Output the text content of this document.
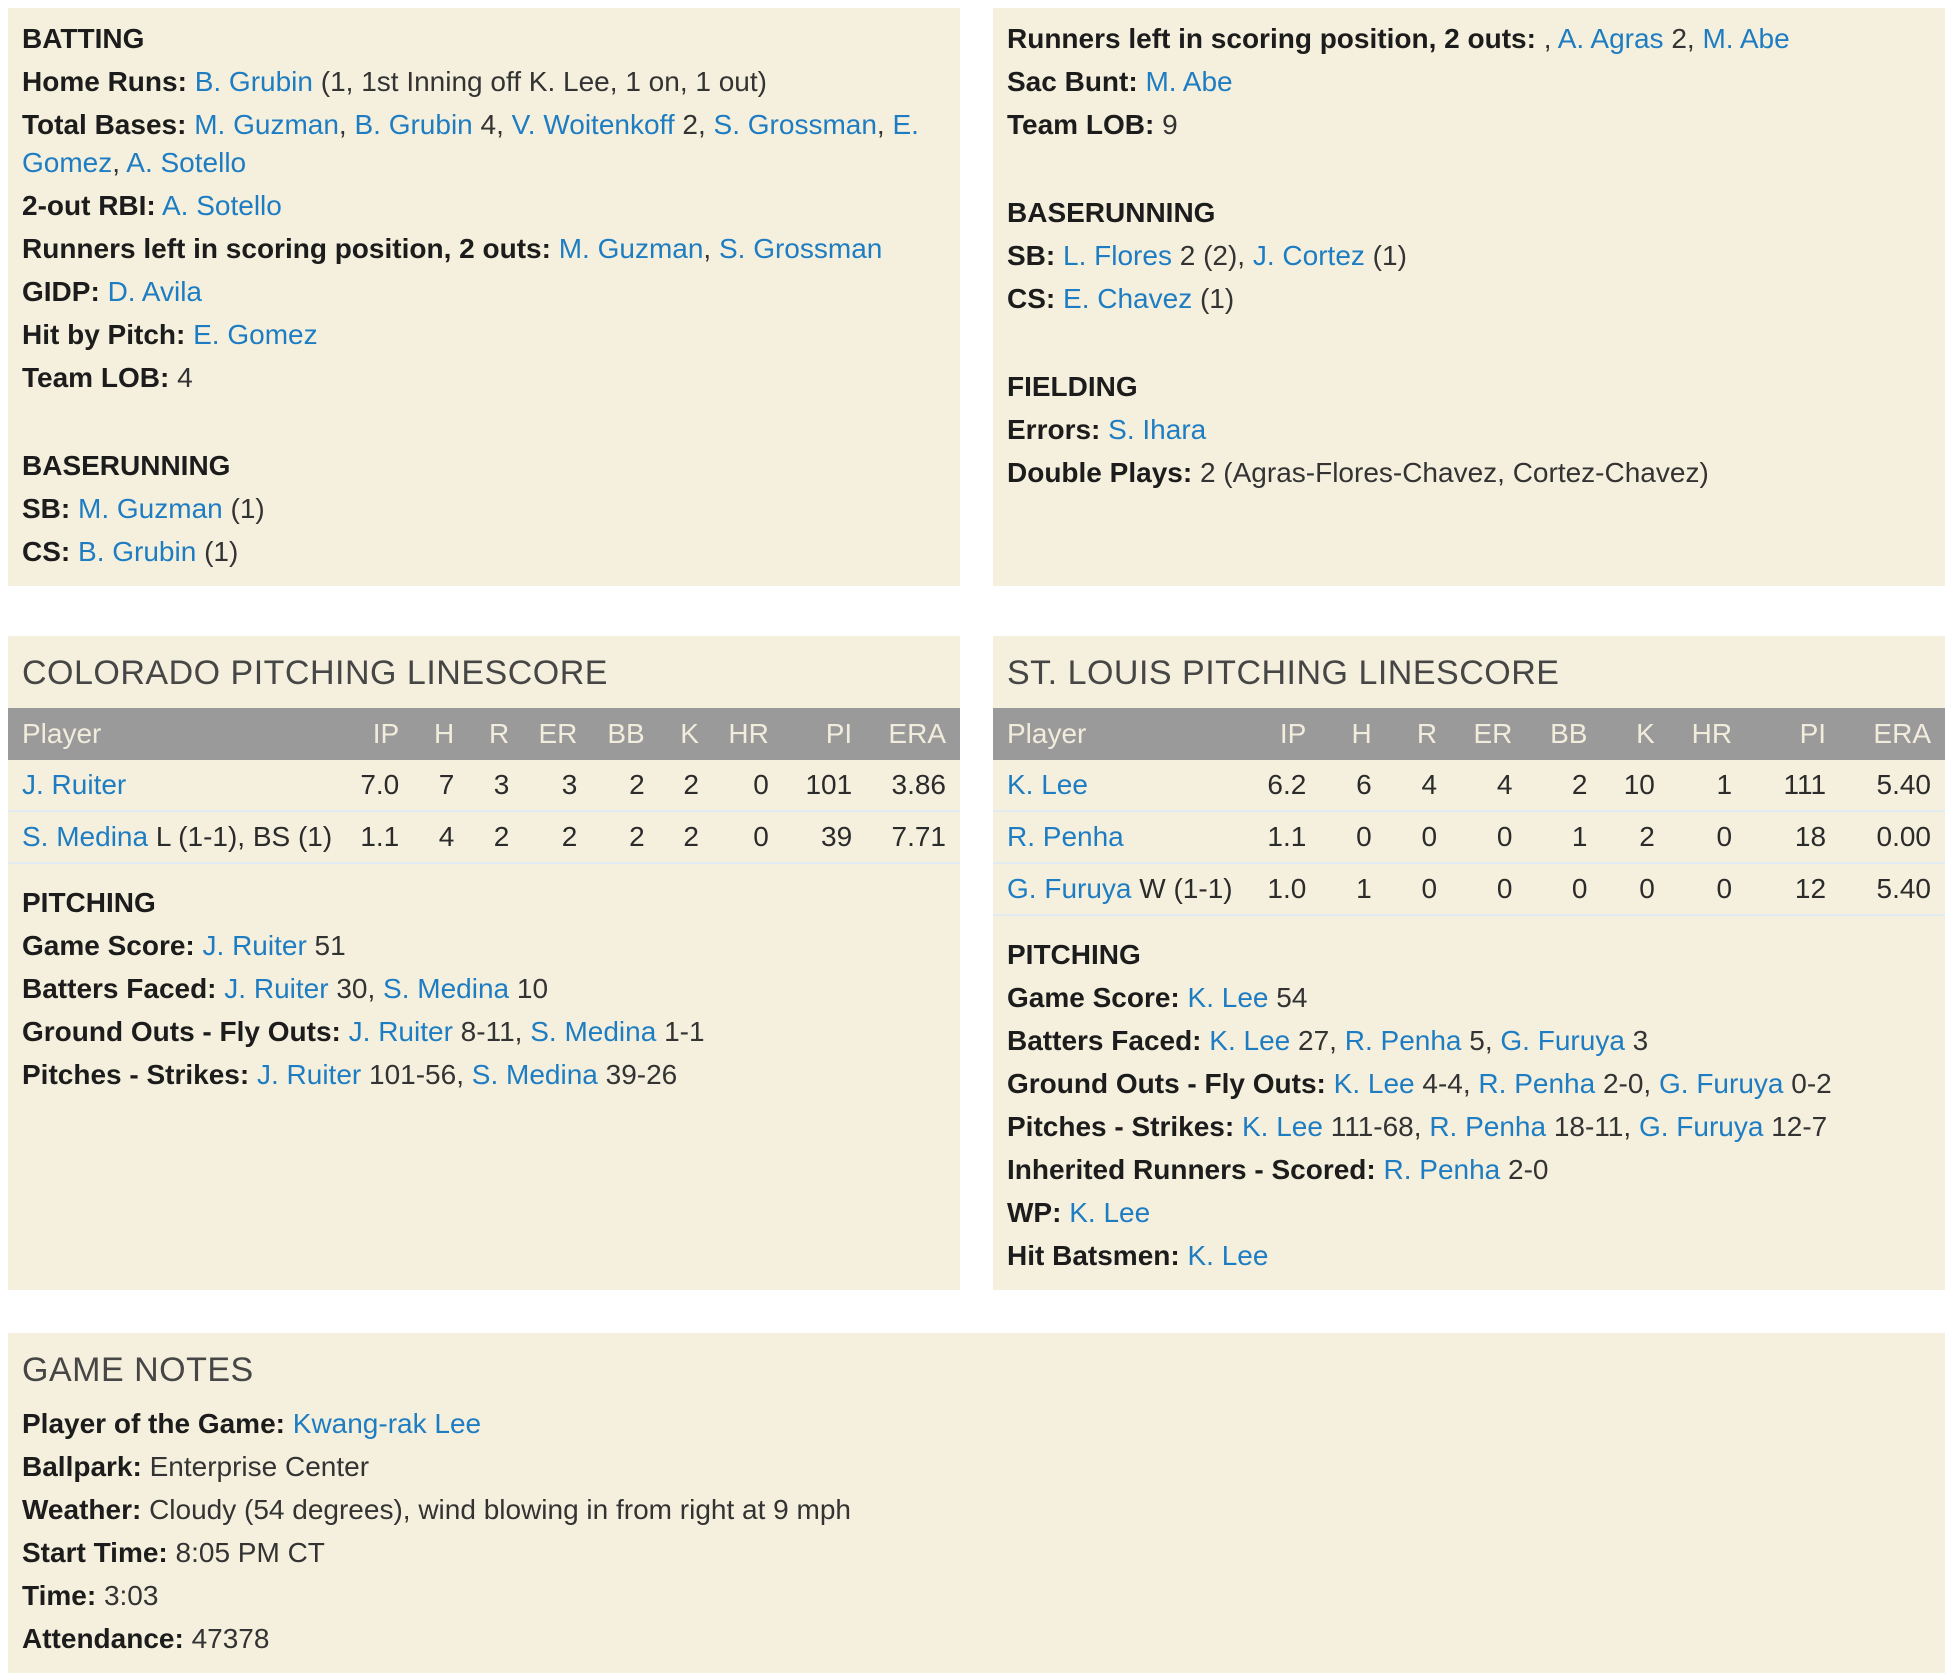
BATTING
Home Runs: B. Grubin (1, 1st Inning off K. Lee, 1 on, 1 out)
Total Bases: M. Guzman, B. Grubin 4, V. Woitenkoff 2, S. Grossman, E. Gomez, A. Sotello
2-out RBI: A. Sotello
Runners left in scoring position, 2 outs: M. Guzman, S. Grossman
GIDP: D. Avila
Hit by Pitch: E. Gomez
Team LOB: 4
BASERUNNING
SB: M. Guzman (1)
CS: B. Grubin (1)
Runners left in scoring position, 2 outs: , A. Agras 2, M. Abe
Sac Bunt: M. Abe
Team LOB: 9
BASERUNNING
SB: L. Flores 2 (2), J. Cortez (1)
CS: E. Chavez (1)
FIELDING
Errors: S. Ihara
Double Plays: 2 (Agras-Flores-Chavez, Cortez-Chavez)
COLORADO PITCHING LINESCORE
Player	IP	H	R	ER	BB	K	HR	PI	ERA
J. Ruiter	7.0	7	3	3	2	2	0	101	3.86
S. Medina L (1-1), BS (1)	1.1	4	2	2	2	2	0	39	7.71
PITCHING
Game Score: J. Ruiter 51
Batters Faced: J. Ruiter 30, S. Medina 10
Ground Outs - Fly Outs: J. Ruiter 8-11, S. Medina 1-1
Pitches - Strikes: J. Ruiter 101-56, S. Medina 39-26
ST. LOUIS PITCHING LINESCORE
Player	IP	H	R	ER	BB	K	HR	PI	ERA
K. Lee	6.2	6	4	4	2	10	1	111	5.40
R. Penha	1.1	0	0	0	1	2	0	18	0.00
G. Furuya W (1-1)	1.0	1	0	0	0	0	0	12	5.40
PITCHING
Game Score: K. Lee 54
Batters Faced: K. Lee 27, R. Penha 5, G. Furuya 3
Ground Outs - Fly Outs: K. Lee 4-4, R. Penha 2-0, G. Furuya 0-2
Pitches - Strikes: K. Lee 111-68, R. Penha 18-11, G. Furuya 12-7
Inherited Runners - Scored: R. Penha 2-0
WP: K. Lee
Hit Batsmen: K. Lee
GAME NOTES
Player of the Game: Kwang-rak Lee
Ballpark: Enterprise Center
Weather: Cloudy (54 degrees), wind blowing in from right at 9 mph
Start Time: 8:05 PM CT
Time: 3:03
Attendance: 47378
